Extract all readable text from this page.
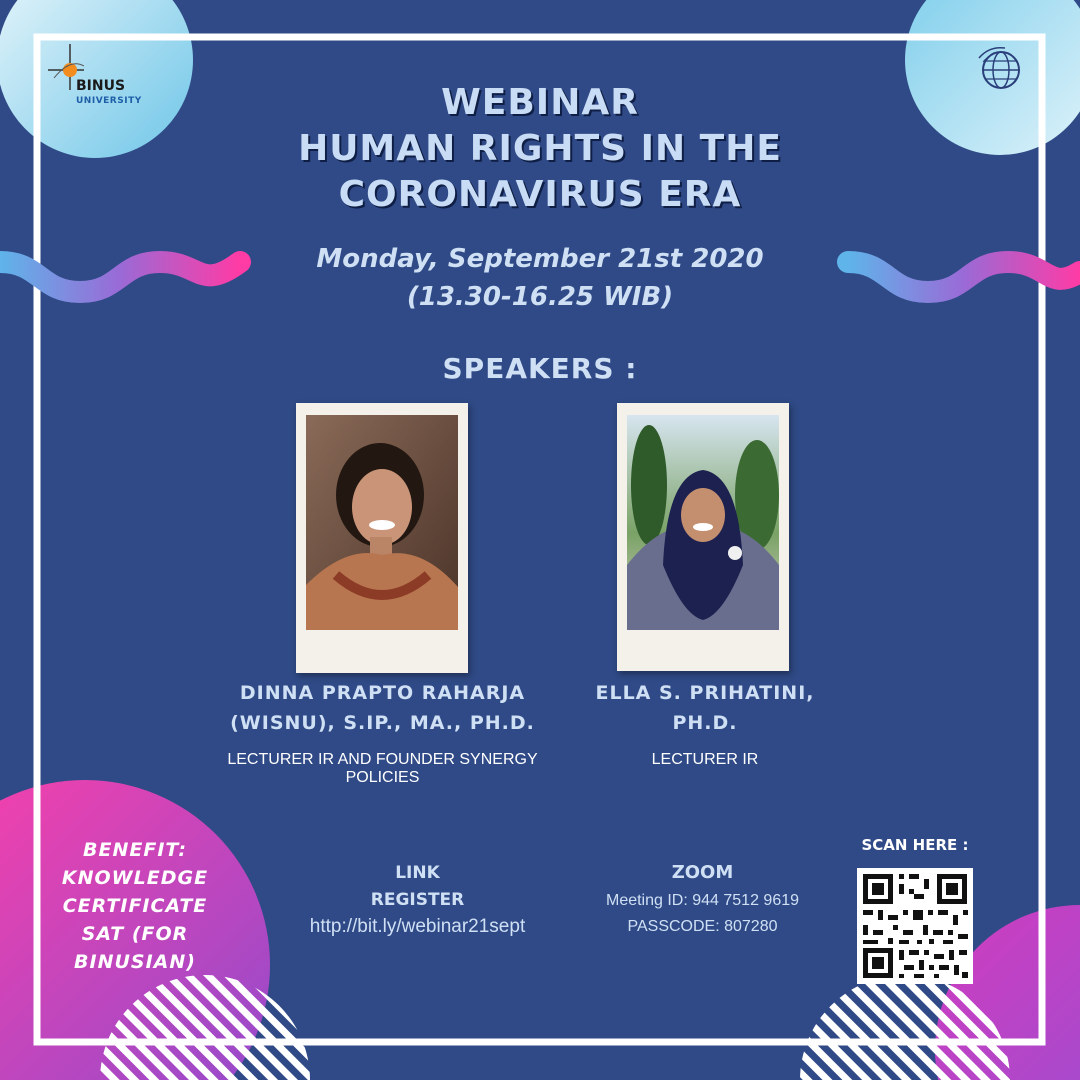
BINUS
UNIVERSITY	WEBINAR
HUMAN RIGHTS IN THE
CORONAVIRUS ERA
Monday, September 21st 2020
(13.30-16.25 WIB)
SPEAKERS :
DINNA PRAPTO RAHARJA
(WISNU), S.IP., MA., PH.D.
LECTURER IR AND FOUNDER SYNERGY POLICIES
ELLA S. PRIHATINI,
PH.D.
LECTURER IR
BENEFIT:
KNOWLEDGE
CERTIFICATE
SAT (FOR BINUSIAN)
LINK
REGISTER
http://bit.ly/webinar21sept
ZOOM
Meeting ID: 944 7512 9619
PASSCODE: 807280
SCAN HERE :
